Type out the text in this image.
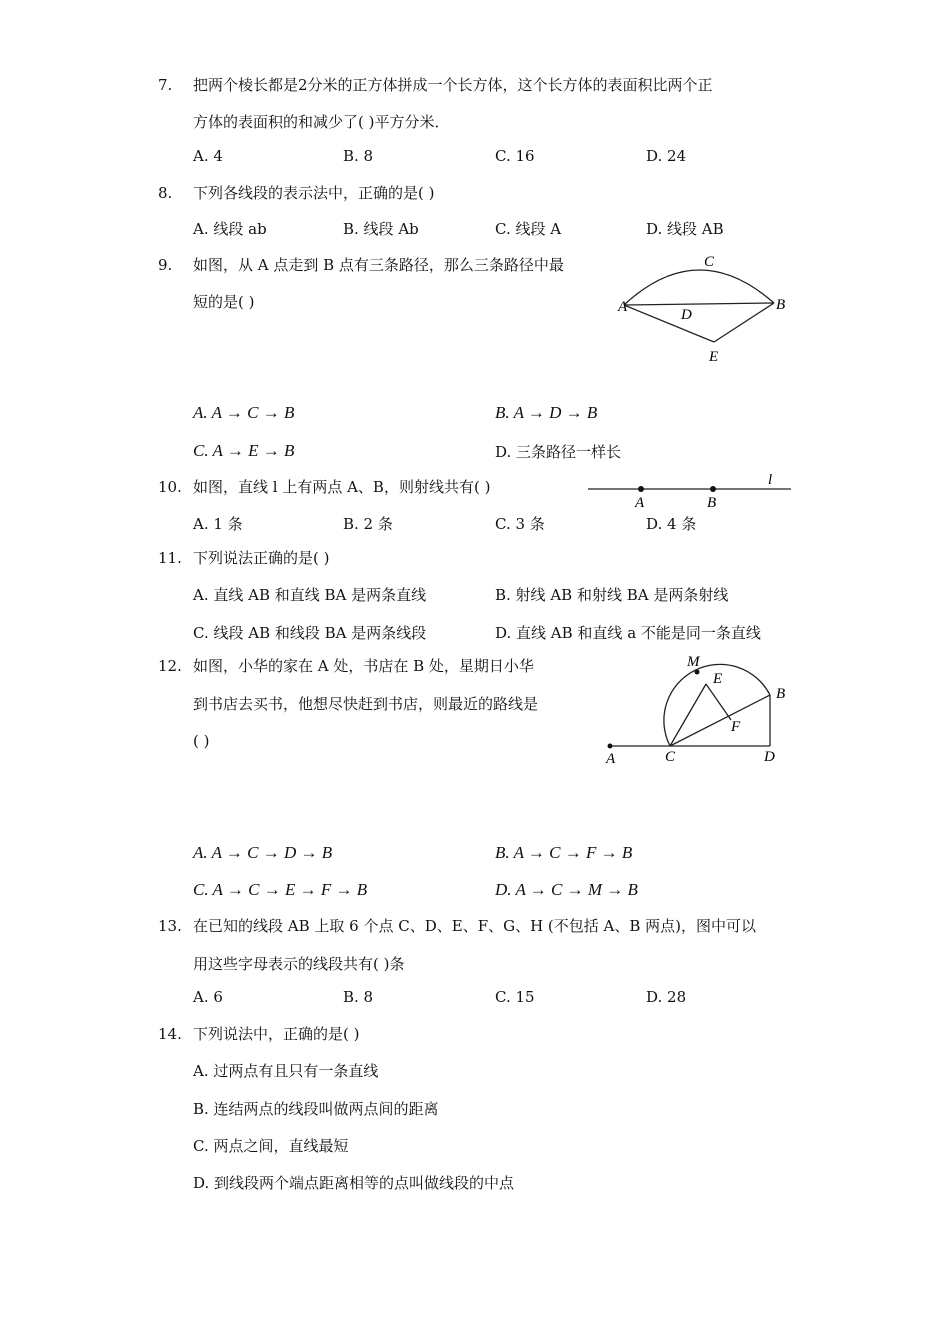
7. 把两个棱长都是2分米的正方体拼成一个长方体，这个长方体的表面积比两个正
方体的表面积的和减少了( )平方分米．
A. 4	B. 8	C. 16	D. 24
8. 下列各线段的表示法中，正确的是( )
A. 线段 ab	B. 线段 Ab	C. 线段 A	D. 线段 AB
9. 如图，从 A 点走到 B 点有三条路径，那么三条路径中最
短的是( )
C
A	D
B
E
A. A → C → B	B. A → D → B
C. A → E → B	D. 三条路径一样长
10. 如图，直线 l 上有两点 A、B，则射线共有( )	l
A	B
A. 1 条	B. 2 条	C. 3 条	D. 4 条
11. 下列说法正确的是( )
A. 直线 AB 和直线 BA 是两条直线	B. 射线 AB 和射线 BA 是两条射线
C. 线段 AB 和线段 BA 是两条线段	D. 直线 AB 和直线 a 不能是同一条直线
12. 如图，小华的家在 A 处，书店在 B 处，星期日小华
到书店去买书，他想尽快赶到书店，则最近的路线是
( )
M
E
B
F
A	C	D
A. A → C → D → B	B. A → C → F → B
C. A → C → E → F → B	D. A → C → M → B
13. 在已知的线段 AB 上取 6 个点 C、D、E、F、G、H (不包括 A、B 两点)，图中可以
用这些字母表示的线段共有( )条
A. 6	B. 8	C. 15	D. 28
14. 下列说法中，正确的是( )
A. 过两点有且只有一条直线
B. 连结两点的线段叫做两点间的距离
C. 两点之间，直线最短
D. 到线段两个端点距离相等的点叫做线段的中点
